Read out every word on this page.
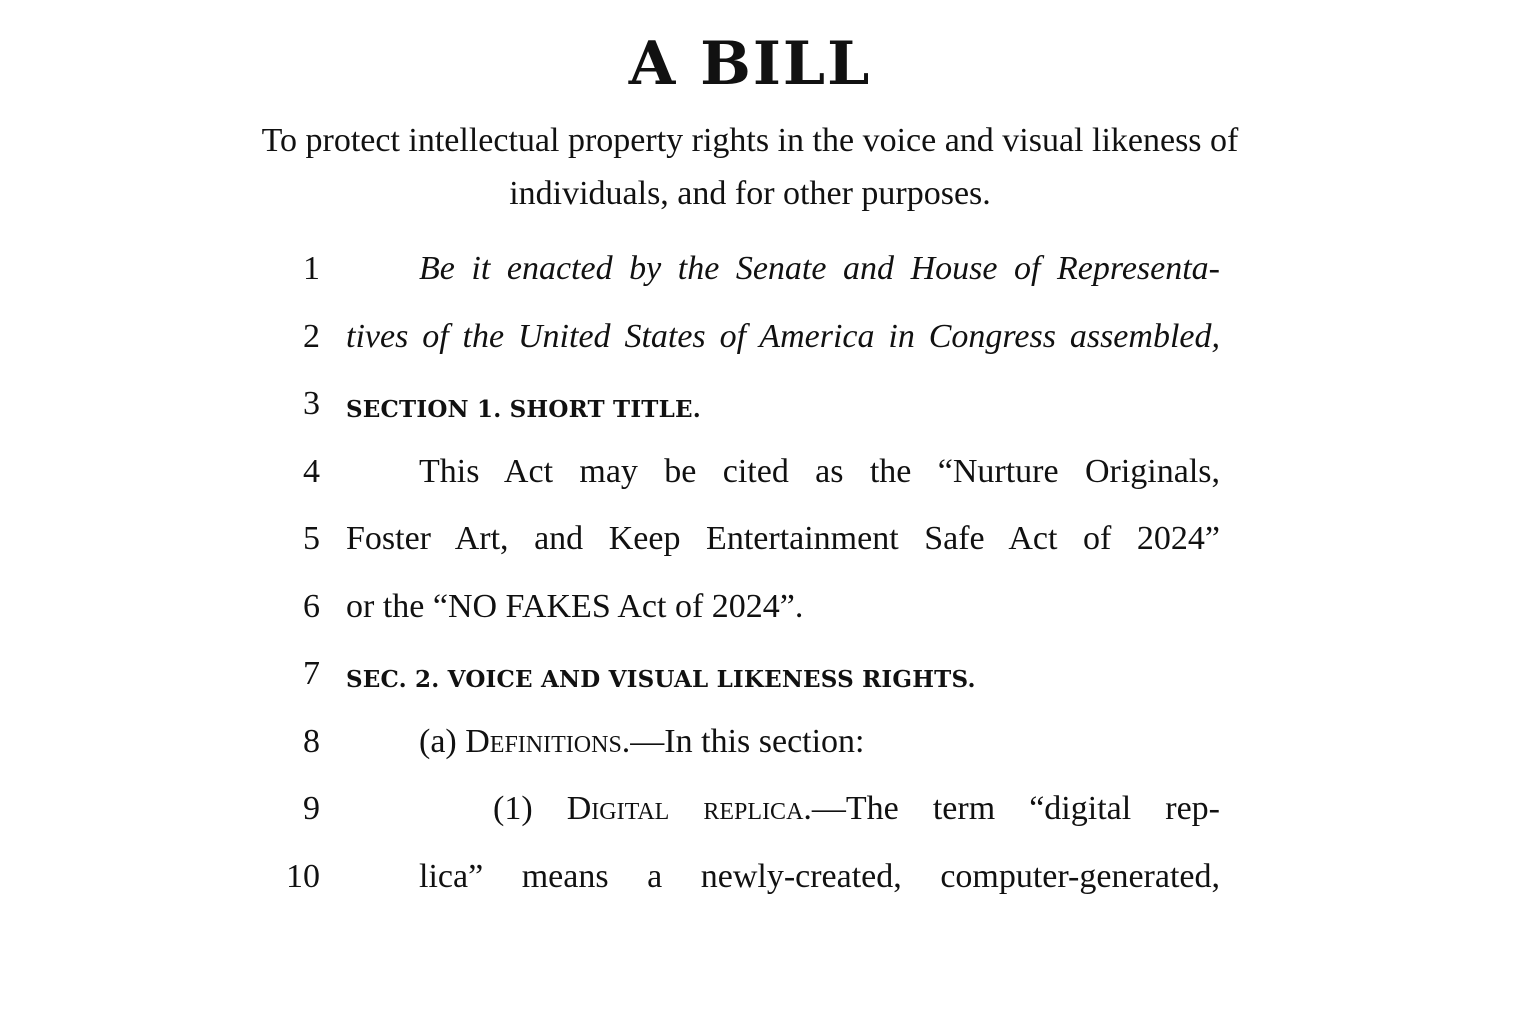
A BILL

To protect intellectual property rights in the voice and visual likeness of individuals, and for other purposes.

1	Be it enacted by the Senate and House of Representa-
2 tives of the United States of America in Congress assembled,
3 SECTION 1. SHORT TITLE.
4	This Act may be cited as the “Nurture Originals,
5 Foster Art, and Keep Entertainment Safe Act of 2024”
6 or the “NO FAKES Act of 2024”.
7 SEC. 2. VOICE AND VISUAL LIKENESS RIGHTS.
8	(a) Definitions.—In this section:
9	(1) Digital replica.—The term “digital rep-
10	lica” means a newly-created, computer-generated,
